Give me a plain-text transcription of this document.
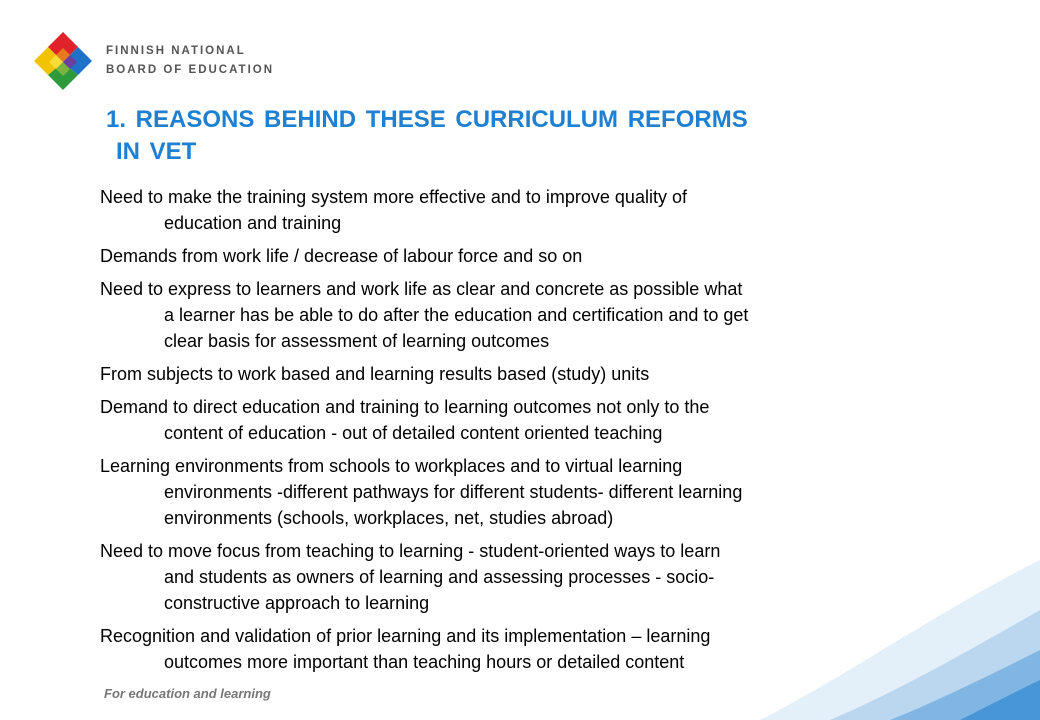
FINNISH NATIONAL
BOARD OF EDUCATION
1. REASONS BEHIND THESE CURRICULUM REFORMS
IN VET
Need to make the training system more effective and to improve quality of
education and training
Demands from work life / decrease of labour force and so on
Need to express to learners and work life as clear and concrete as possible what
a learner has be able to do after the education and certification and to get
clear basis for assessment of learning outcomes
From subjects to work based and learning results based (study) units
Demand to direct education and training to learning outcomes not only to the
content of education - out of detailed content oriented teaching
Learning environments from schools to workplaces and to virtual learning
environments -different pathways for different students- different learning
environments (schools, workplaces, net, studies abroad)
Need to move focus from teaching to learning - student-oriented ways to learn
and students as owners of learning and assessing processes - socio-
constructive approach to learning
Recognition and validation of prior learning and its implementation – learning
outcomes more important than teaching hours or detailed content
For education and learning
